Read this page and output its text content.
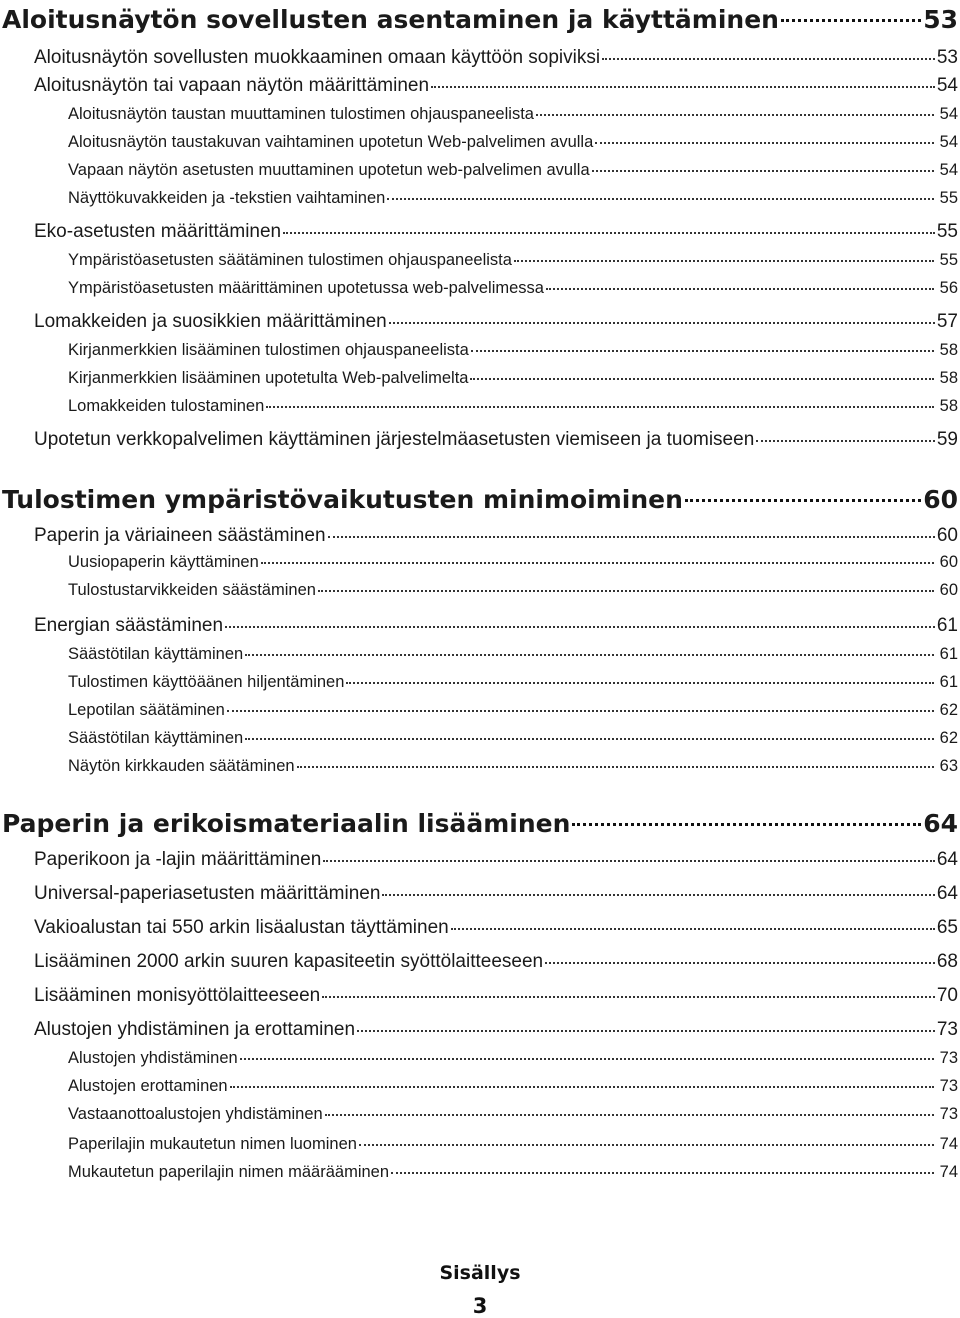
Aloitusnäytön sovellusten asentaminen ja käyttäminen	53
Aloitusnäytön sovellusten muokkaaminen omaan käyttöön sopiviksi	53
Aloitusnäytön tai vapaan näytön määrittäminen	54
Aloitusnäytön taustan muuttaminen tulostimen ohjauspaneelista	54
Aloitusnäytön taustakuvan vaihtaminen upotetun Web-palvelimen avulla	54
Vapaan näytön asetusten muuttaminen upotetun web-palvelimen avulla	54
Näyttökuvakkeiden ja -tekstien vaihtaminen	55
Eko-asetusten määrittäminen	55
Ympäristöasetusten säätäminen tulostimen ohjauspaneelista	55
Ympäristöasetusten määrittäminen upotetussa web-palvelimessa	56
Lomakkeiden ja suosikkien määrittäminen	57
Kirjanmerkkien lisääminen tulostimen ohjauspaneelista	58
Kirjanmerkkien lisääminen upotetulta Web-palvelimelta	58
Lomakkeiden tulostaminen	58
Upotetun verkkopalvelimen käyttäminen järjestelmäasetusten viemiseen ja tuomiseen	59
Tulostimen ympäristövaikutusten minimoiminen	60
Paperin ja väriaineen säästäminen	60
Uusiopaperin käyttäminen	60
Tulostustarvikkeiden säästäminen	60
Energian säästäminen	61
Säästötilan käyttäminen	61
Tulostimen käyttöäänen hiljentäminen	61
Lepotilan säätäminen	62
Säästötilan käyttäminen	62
Näytön kirkkauden säätäminen	63
Paperin ja erikoismateriaalin lisääminen	64
Paperikoon ja -lajin määrittäminen	64
Universal-paperiasetusten määrittäminen	64
Vakioalustan tai 550 arkin lisäalustan täyttäminen	65
Lisääminen 2000 arkin suuren kapasiteetin syöttölaitteeseen	68
Lisääminen monisyöttölaitteeseen	70
Alustojen yhdistäminen ja erottaminen	73
Alustojen yhdistäminen	73
Alustojen erottaminen	73
Vastaanottoalustojen yhdistäminen	73
Paperilajin mukautetun nimen luominen	74
Mukautetun paperilajin nimen määrääminen	74
Sisällys
3
